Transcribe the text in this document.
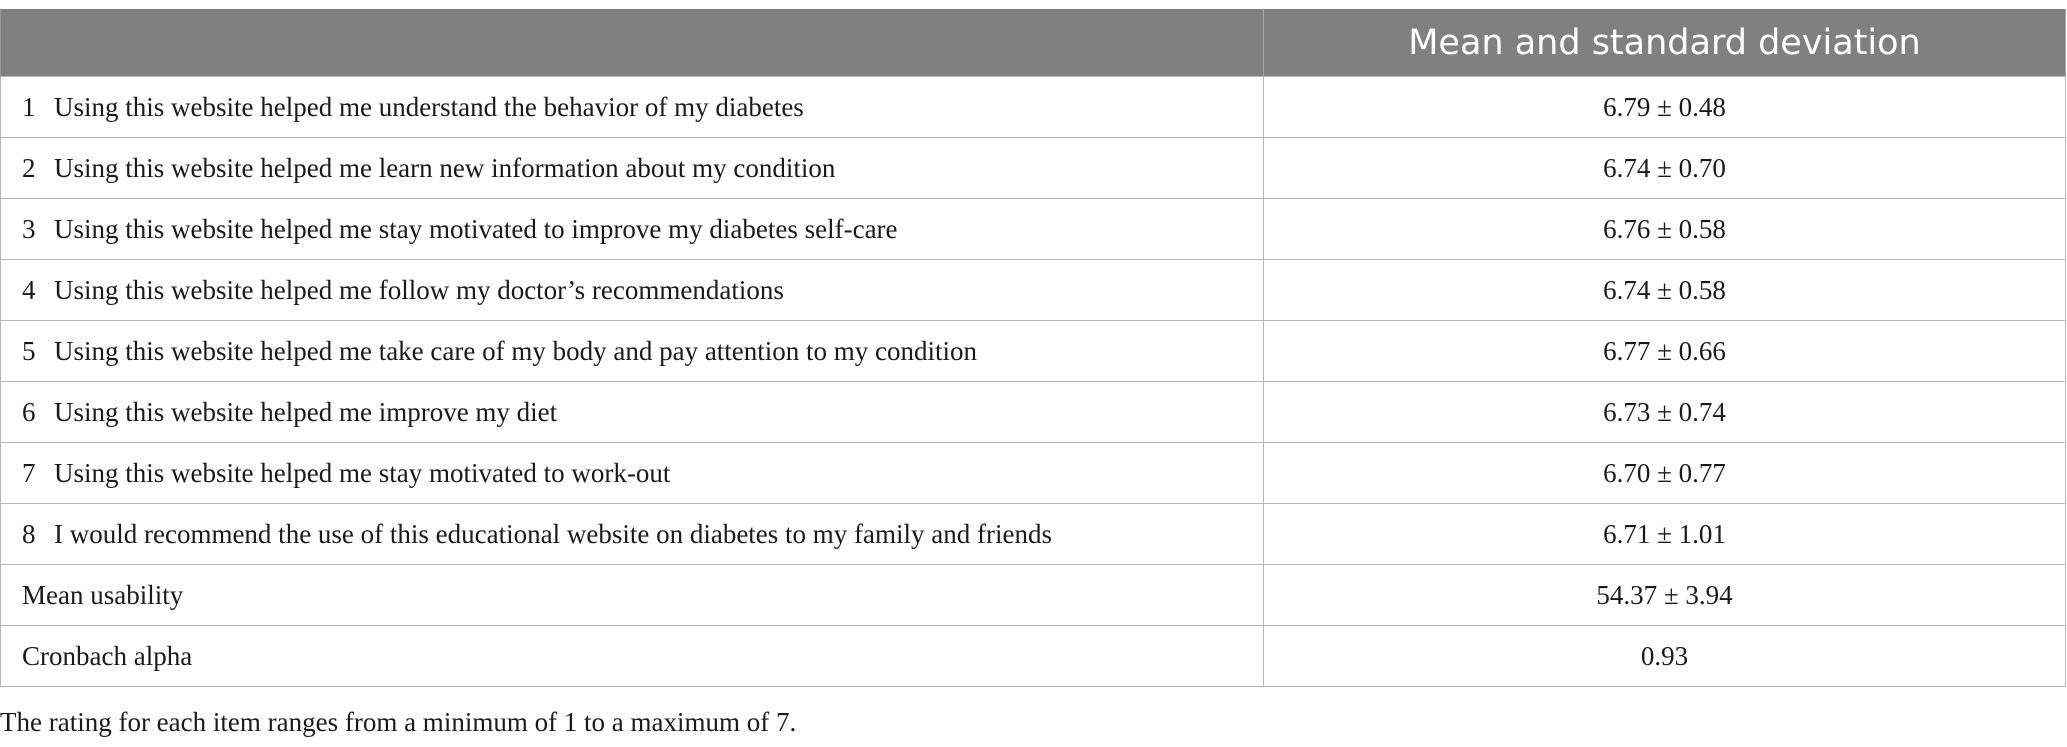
	Mean and standard deviation
1 Using this website helped me understand the behavior of my diabetes	6.79 ± 0.48
2 Using this website helped me learn new information about my condition	6.74 ± 0.70
3 Using this website helped me stay motivated to improve my diabetes self-care	6.76 ± 0.58
4 Using this website helped me follow my doctor’s recommendations	6.74 ± 0.58
5 Using this website helped me take care of my body and pay attention to my condition	6.77 ± 0.66
6 Using this website helped me improve my diet	6.73 ± 0.74
7 Using this website helped me stay motivated to work-out	6.70 ± 0.77
8 I would recommend the use of this educational website on diabetes to my family and friends	6.71 ± 1.01
Mean usability	54.37 ± 3.94
Cronbach alpha	0.93
The rating for each item ranges from a minimum of 1 to a maximum of 7.
